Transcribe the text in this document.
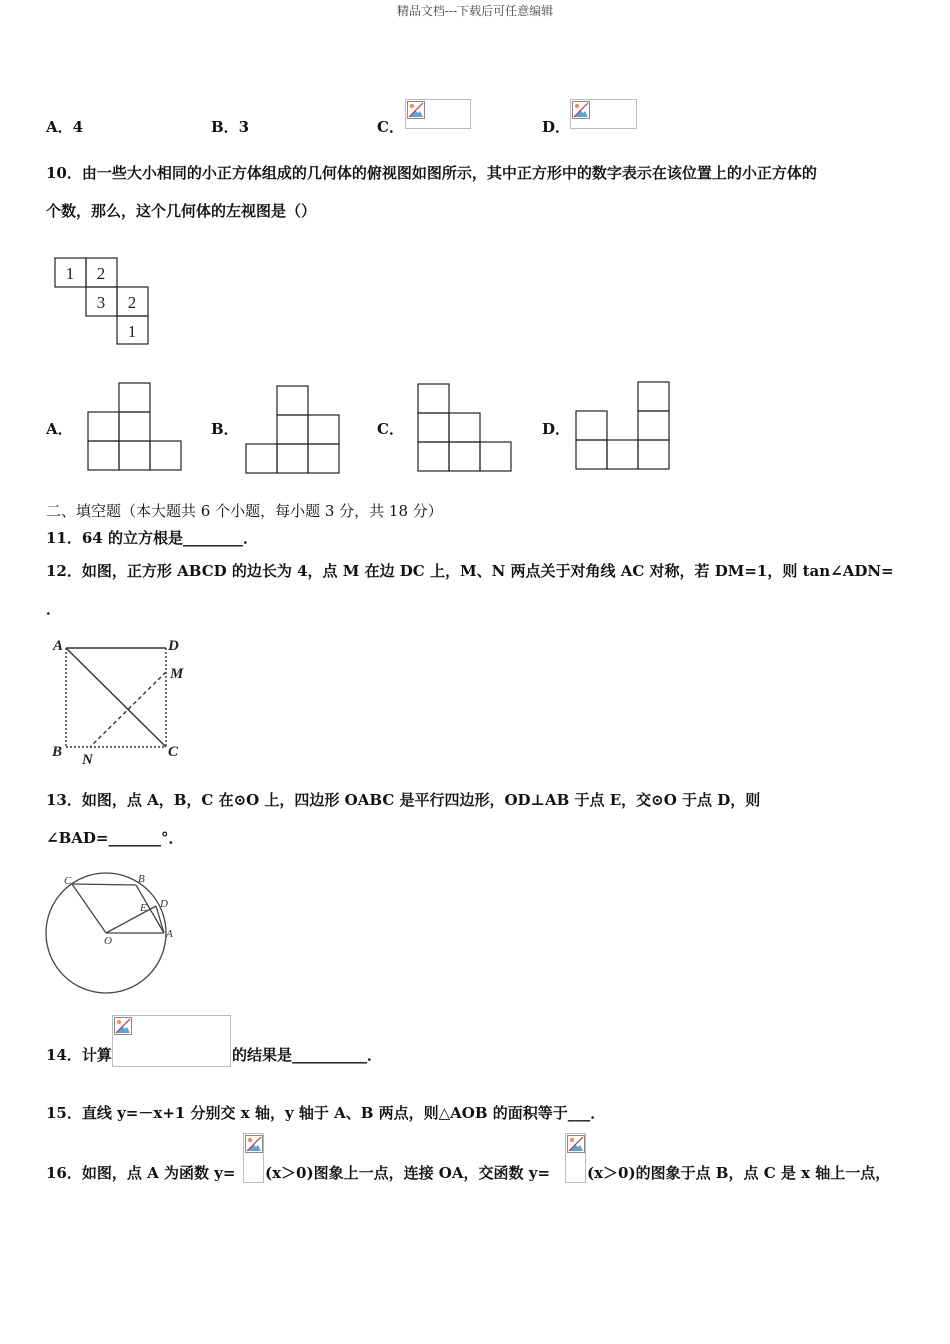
精品文档---下载后可任意编辑
A．4	B．3	C．	D．
10．由一些大小相同的小正方体组成的几何体的俯视图如图所示，其中正方形中的数字表示在该位置上的小正方体的
个数，那么，这个几何体的左视图是（）
1 2
3 2
1
A．	B．	C．	D．
二、填空题（本大题共 6 个小题，每小题 3 分，共 18 分）
11．64 的立方根是________．
12．如图，正方形 ABCD 的边长为 4，点 M 在边 DC 上，M、N 两点关于对角线 AC 对称，若 DM=1，则 tan∠ADN=
．
A	D
M
B	C
N
13．如图，点 A，B，C 在⊙O 上，四边形 OABC 是平行四边形，OD⊥AB 于点 E，交⊙O 于点 D，则
∠BAD=_______°．
C	B
E D
O
A
14．计算	的结果是__________．
15．直线 y=－x+1 分别交 x 轴，y 轴于 A、B 两点，则△AOB 的面积等于___．
16．如图，点 A 为函数 y= (x＞0)图象上一点，连接 OA，交函数 y= (x＞0)的图象于点 B，点 C 是 x 轴上一点，
